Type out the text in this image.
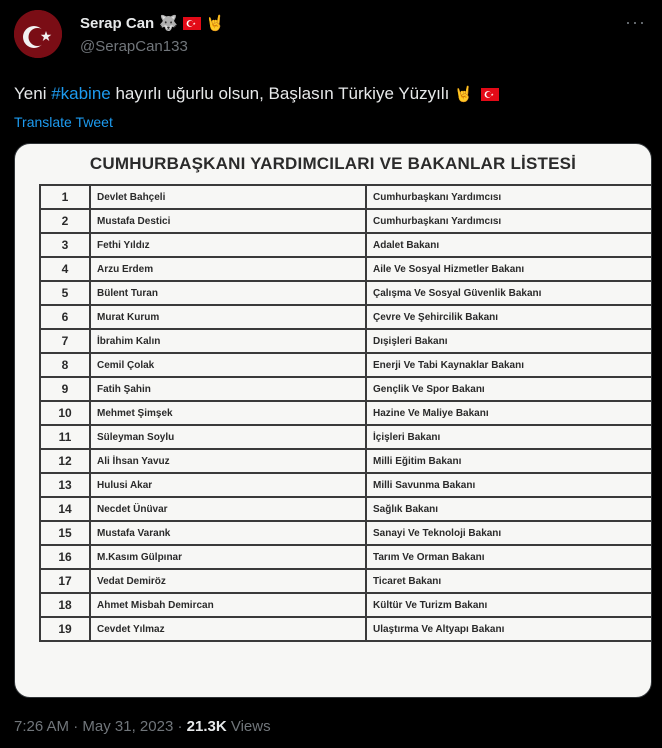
Serap Can 🐺 🤘
@SerapCan133
···
Yeni #kabine hayırlı uğurlu olsun, Başlasın Türkiye Yüzyılı 🤘
Translate Tweet
CUMHURBAŞKANI YARDIMCILARI VE BAKANLAR LİSTESİ
1	Devlet Bahçeli	Cumhurbaşkanı Yardımcısı
2	Mustafa Destici	Cumhurbaşkanı Yardımcısı
3	Fethi Yıldız	Adalet Bakanı
4	Arzu Erdem	Aile Ve Sosyal Hizmetler Bakanı
5	Bülent Turan	Çalışma Ve Sosyal Güvenlik Bakanı
6	Murat Kurum	Çevre Ve Şehircilik Bakanı
7	İbrahim Kalın	Dışişleri Bakanı
8	Cemil Çolak	Enerji Ve Tabi Kaynaklar Bakanı
9	Fatih Şahin	Gençlik Ve Spor Bakanı
10	Mehmet Şimşek	Hazine Ve Maliye Bakanı
11	Süleyman Soylu	İçişleri Bakanı
12	Ali İhsan Yavuz	Milli Eğitim Bakanı
13	Hulusi Akar	Milli Savunma Bakanı
14	Necdet Ünüvar	Sağlık Bakanı
15	Mustafa Varank	Sanayi Ve Teknoloji Bakanı
16	M.Kasım Gülpınar	Tarım Ve Orman Bakanı
17	Vedat Demiröz	Ticaret Bakanı
18	Ahmet Misbah Demircan	Kültür Ve Turizm Bakanı
19	Cevdet Yılmaz	Ulaştırma Ve Altyapı Bakanı
7:26 AM · May 31, 2023 · 21.3K Views
